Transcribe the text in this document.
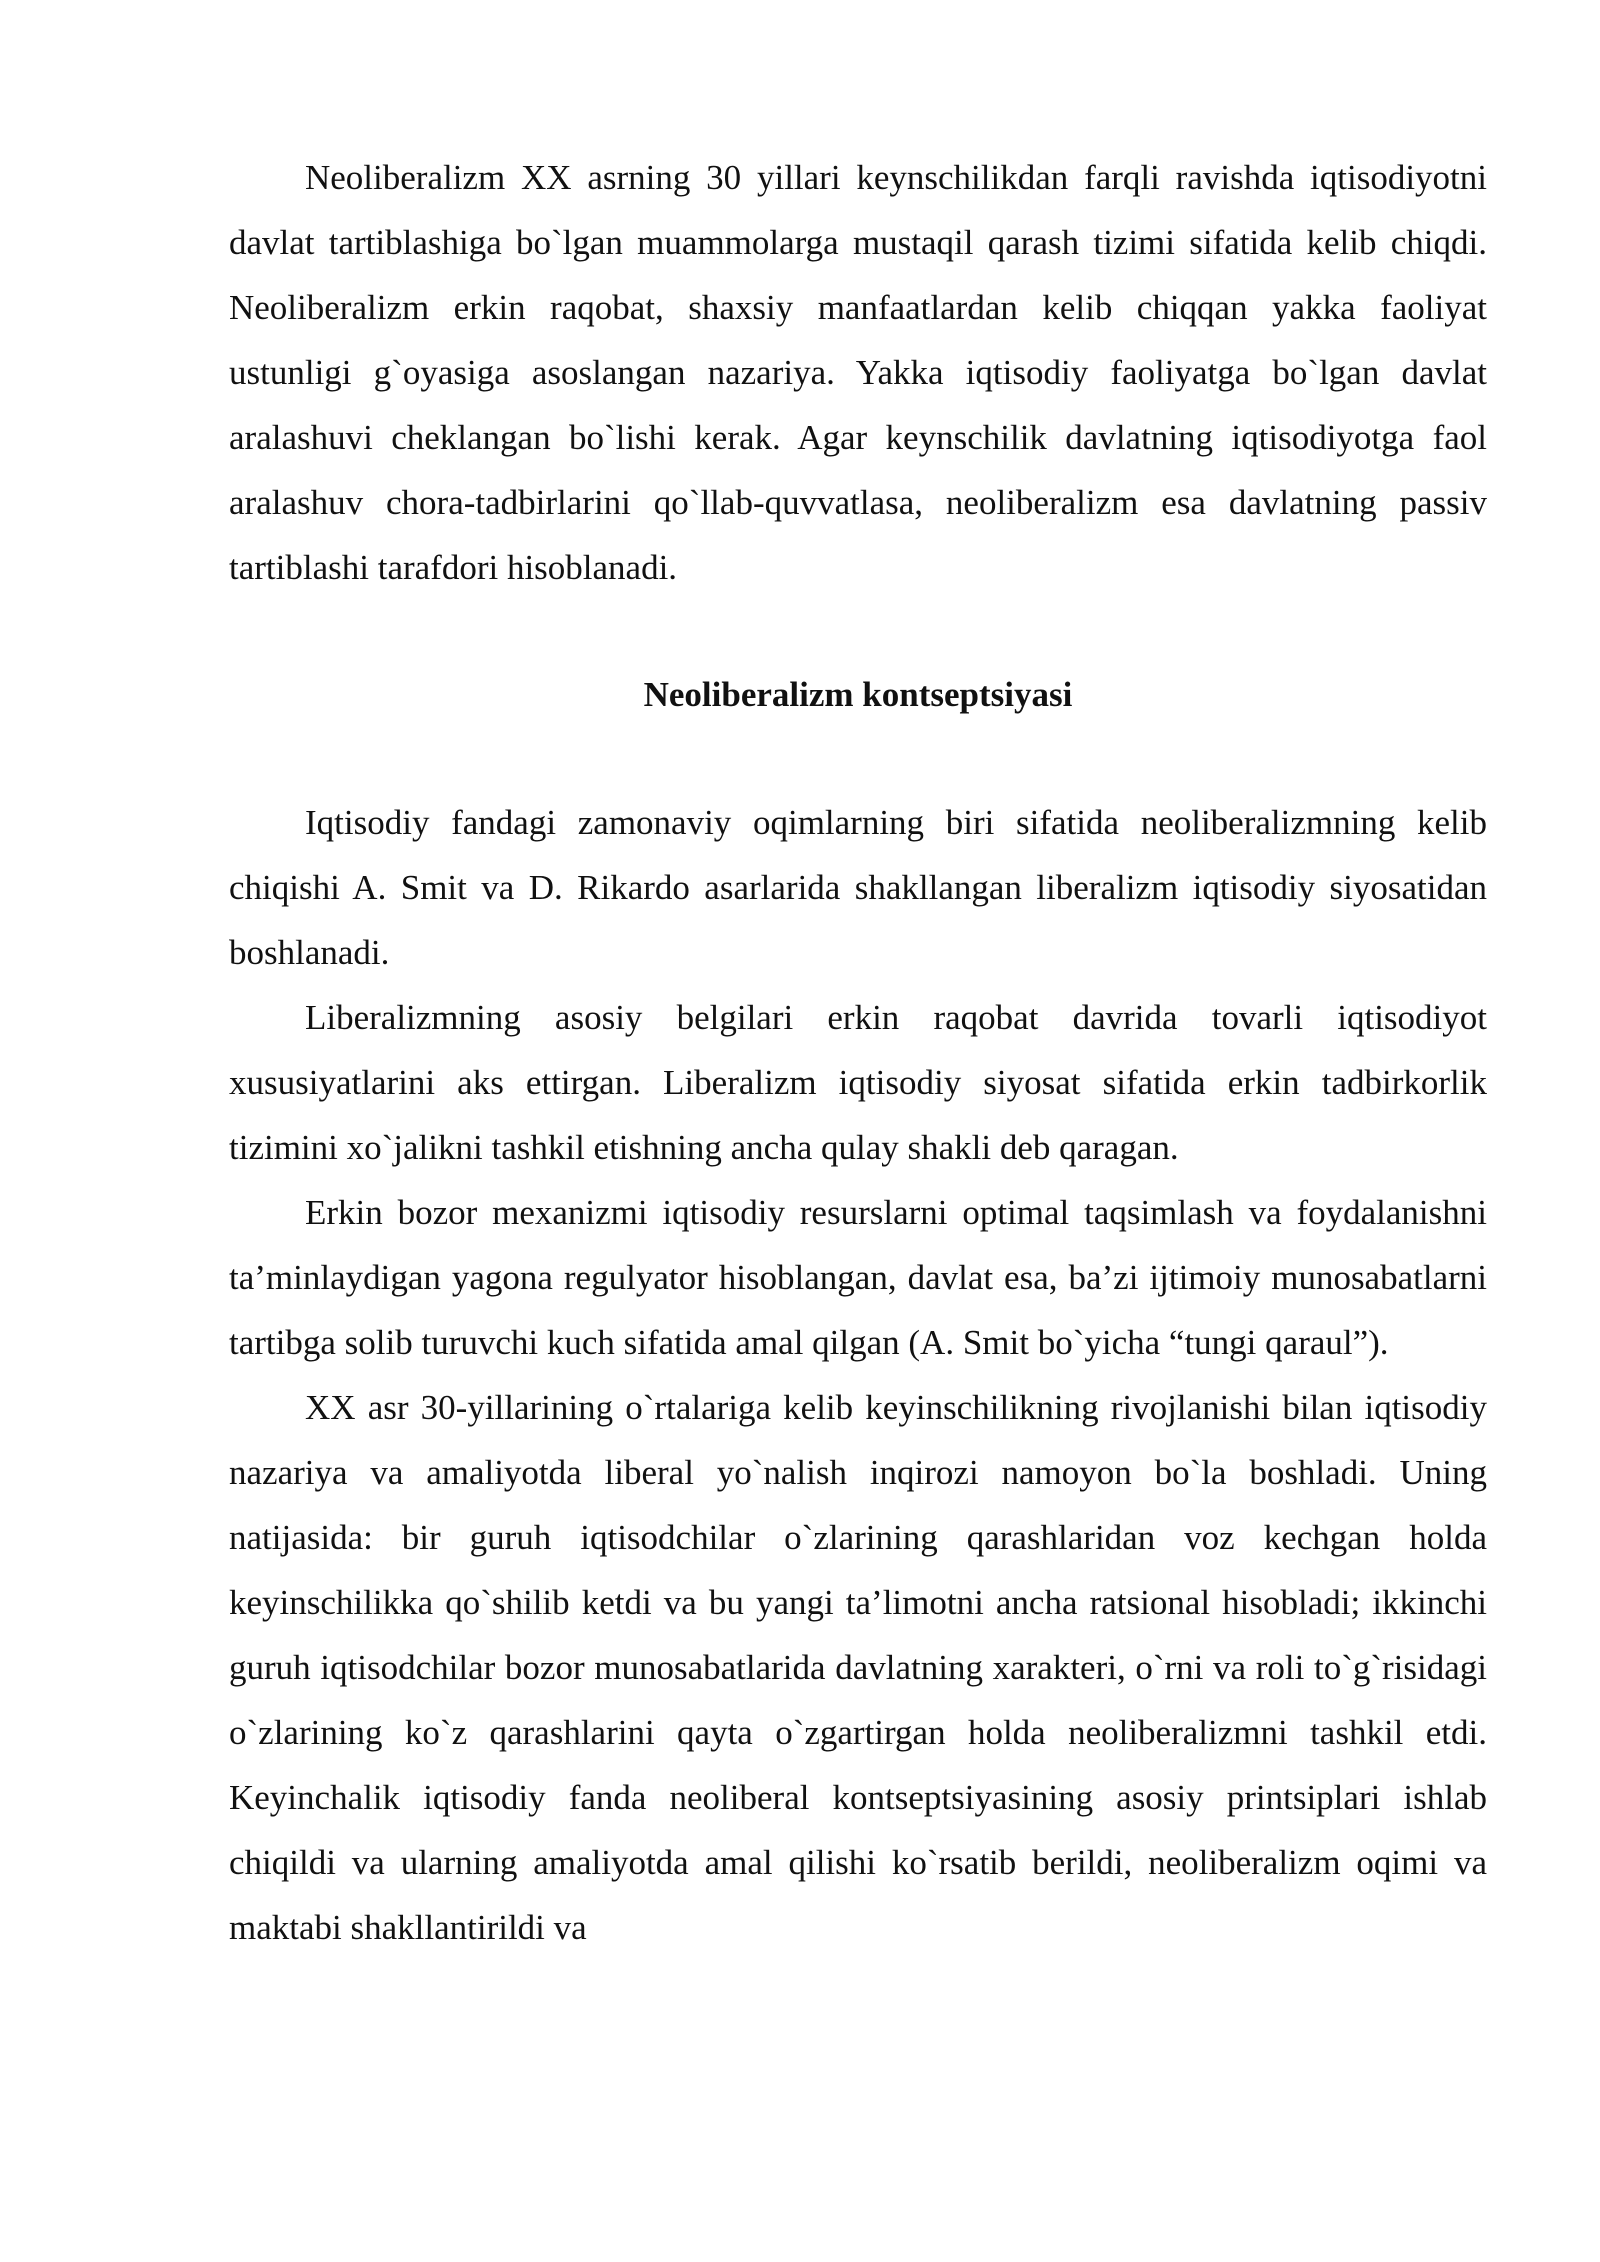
Neoliberalizm XX asrning 30 yillari keynschilikdan farqli ravishda iqtisodiyotni davlat tartiblashiga bo`lgan muammolarga mustaqil qarash tizimi sifatida kelib chiqdi. Neoliberalizm erkin raqobat, shaxsiy manfaatlardan kelib chiqqan yakka faoliyat ustunligi g`oyasiga asoslangan nazariya. Yakka iqtisodiy faoliyatga bo`lgan davlat aralashuvi cheklangan bo`lishi kerak. Agar keynschilik davlatning iqtisodiyotga faol aralashuv chora-tadbirlarini qo`llab-quvvatlasa, neoliberalizm esa davlatning passiv tartiblashi tarafdori hisoblanadi.

Neoliberalizm kontseptsiyasi

Iqtisodiy fandagi zamonaviy oqimlarning biri sifatida neoliberalizmning kelib chiqishi A. Smit va D. Rikardo asarlarida shakllangan liberalizm iqtisodiy siyosatidan boshlanadi.

Liberalizmning asosiy belgilari erkin raqobat davrida tovarli iqtisodiyot xususiyatlarini aks ettirgan. Liberalizm iqtisodiy siyosat sifatida erkin tadbirkorlik tizimini xo`jalikni tashkil etishning ancha qulay shakli deb qaragan.

Erkin bozor mexanizmi iqtisodiy resurslarni optimal taqsimlash va foydalanishni ta’minlaydigan yagona regulyator hisoblangan, davlat esa, ba’zi ijtimoiy munosabatlarni tartibga solib turuvchi kuch sifatida amal qilgan (A. Smit bo`yicha “tungi qaraul”).

XX asr 30-yillarining o`rtalariga kelib keyinschilikning rivojlanishi bilan iqtisodiy nazariya va amaliyotda liberal yo`nalish inqirozi namoyon bo`la boshladi. Uning natijasida: bir guruh iqtisodchilar o`zlarining qarashlaridan voz kechgan holda keyinschilikka qo`shilib ketdi va bu yangi ta’limotni ancha ratsional hisobladi; ikkinchi guruh iqtisodchilar bozor munosabatlarida davlatning xarakteri, o`rni va roli to`g`risidagi o`zlarining ko`z qarashlarini qayta o`zgartirgan holda neoliberalizmni tashkil etdi. Keyinchalik iqtisodiy fanda neoliberal kontseptsiyasining asosiy printsiplari ishlab chiqildi va ularning amaliyotda amal qilishi ko`rsatib berildi, neoliberalizm oqimi va maktabi shakllantirildi va
